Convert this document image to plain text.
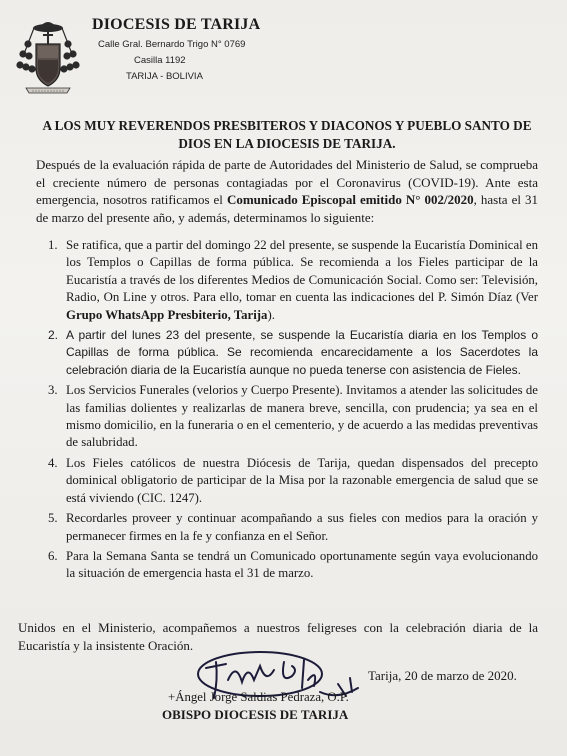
DIOCESIS DE TARIJA
Calle Gral. Bernardo Trigo N° 0769
Casilla 1192
TARIJA - BOLIVIA
A LOS MUY REVERENDOS PRESBITEROS Y DIACONOS Y PUEBLO SANTO DE DIOS EN LA DIOCESIS DE TARIJA.
Después de la evaluación rápida de parte de Autoridades del Ministerio de Salud, se comprueba el creciente número de personas contagiadas por el Coronavirus (COVID-19). Ante esta emergencia, nosotros ratificamos el Comunicado Episcopal emitido N° 002/2020, hasta el 31 de marzo del presente año, y además, determinamos lo siguiente:
1. Se ratifica, que a partir del domingo 22 del presente, se suspende la Eucaristía Dominical en los Templos o Capillas de forma pública. Se recomienda a los Fieles participar de la Eucaristía a través de los diferentes Medios de Comunicación Social. Como ser: Televisión, Radio, On Line y otros. Para ello, tomar en cuenta las indicaciones del P. Simón Díaz (Ver Grupo WhatsApp Presbiterio, Tarija).
2. A partir del lunes 23 del presente, se suspende la Eucaristía diaria en los Templos o Capillas de forma pública. Se recomienda encarecidamente a los Sacerdotes la celebración diaria de la Eucaristía aunque no pueda tenerse con asistencia de Fieles.
3. Los Servicios Funerales (velorios y Cuerpo Presente). Invitamos a atender las solicitudes de las familias dolientes y realizarlas de manera breve, sencilla, con prudencia; ya sea en el mismo domicilio, en la funeraria o en el cementerio, y de acuerdo a las medidas preventivas de salubridad.
4. Los Fieles católicos de nuestra Diócesis de Tarija, quedan dispensados del precepto dominical obligatorio de participar de la Misa por la razonable emergencia de salud que se está viviendo (CIC. 1247).
5. Recordarles proveer y continuar acompañando a sus fieles con medios para la oración y permanecer firmes en la fe y confianza en el Señor.
6. Para la Semana Santa se tendrá un Comunicado oportunamente según vaya evolucionando la situación de emergencia hasta el 31 de marzo.
Unidos en el Ministerio, acompañemos a nuestros feligreses con la celebración diaria de la Eucaristía y la insistente Oración.
Tarija, 20 de marzo de 2020.
+Ángel Jorge Saldias Pedraza, O.P.
OBISPO DIOCESIS DE TARIJA
